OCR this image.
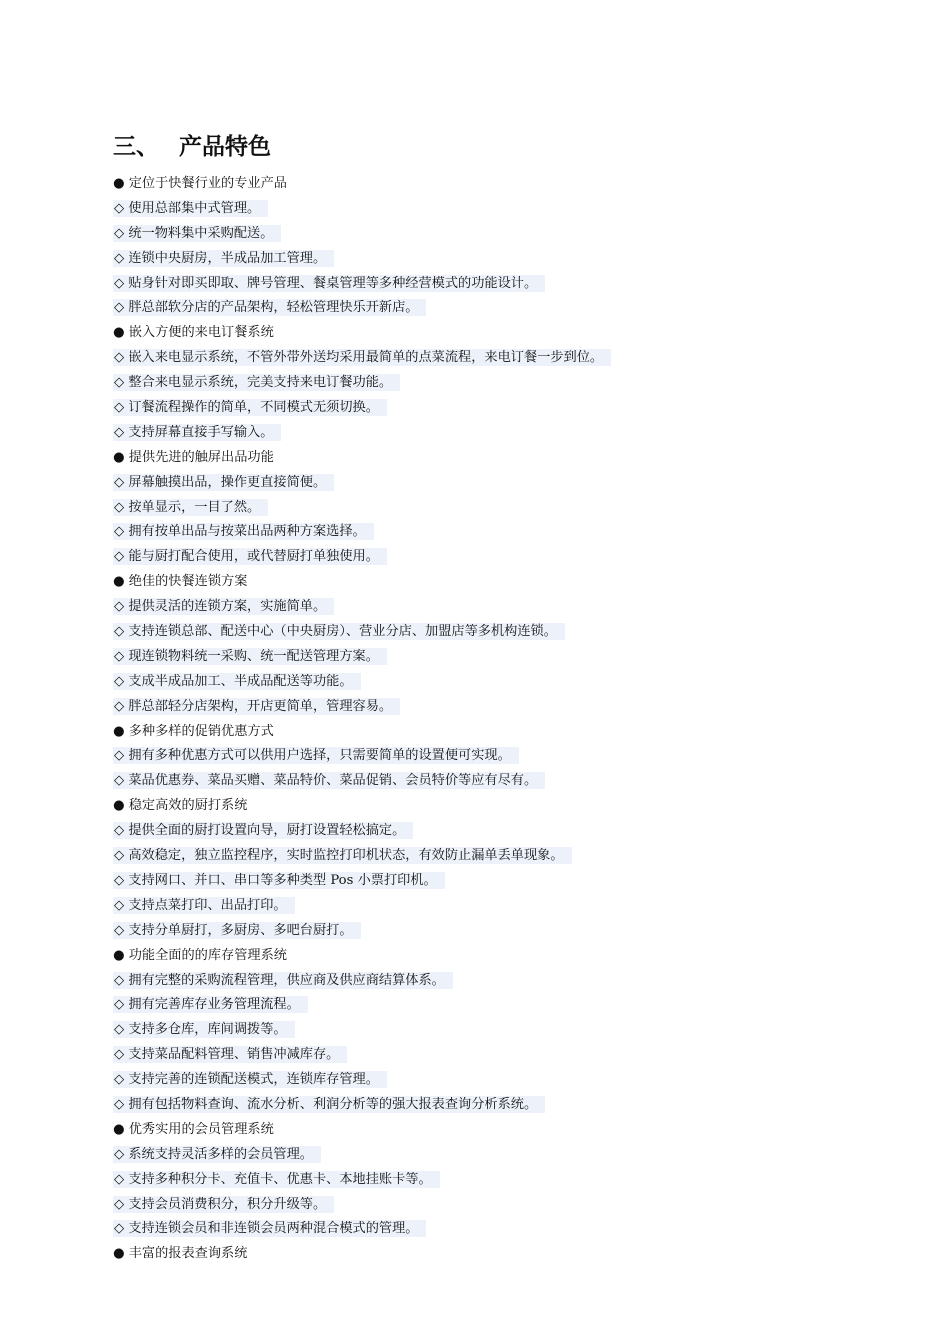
三、 产品特色
● 定位于快餐行业的专业产品
◇ 使用总部集中式管理。
◇ 统一物料集中采购配送。
◇ 连锁中央厨房，半成品加工管理。
◇ 贴身针对即买即取、牌号管理、餐桌管理等多种经营模式的功能设计。
◇ 胖总部软分店的产品架构，轻松管理快乐开新店。
● 嵌入方便的来电订餐系统
◇ 嵌入来电显示系统，不管外带外送均采用最简单的点菜流程，来电订餐一步到位。
◇ 整合来电显示系统，完美支持来电订餐功能。
◇ 订餐流程操作的简单，不同模式无须切换。
◇ 支持屏幕直接手写输入。
● 提供先进的触屏出品功能
◇ 屏幕触摸出品，操作更直接简便。
◇ 按单显示，一目了然。
◇ 拥有按单出品与按菜出品两种方案选择。
◇ 能与厨打配合使用，或代替厨打单独使用。
● 绝佳的快餐连锁方案
◇ 提供灵活的连锁方案，实施简单。
◇ 支持连锁总部、配送中心（中央厨房）、营业分店、加盟店等多机构连锁。
◇ 现连锁物料统一采购、统一配送管理方案。
◇ 支成半成品加工、半成品配送等功能。
◇ 胖总部轻分店架构，开店更简单，管理容易。
● 多种多样的促销优惠方式
◇ 拥有多种优惠方式可以供用户选择，只需要简单的设置便可实现。
◇ 菜品优惠券、菜品买赠、菜品特价、菜品促销、会员特价等应有尽有。
● 稳定高效的厨打系统
◇ 提供全面的厨打设置向导，厨打设置轻松搞定。
◇ 高效稳定，独立监控程序，实时监控打印机状态，有效防止漏单丢单现象。
◇ 支持网口、并口、串口等多种类型 Pos 小票打印机。
◇ 支持点菜打印、出品打印。
◇ 支持分单厨打，多厨房、多吧台厨打。
● 功能全面的的库存管理系统
◇ 拥有完整的采购流程管理，供应商及供应商结算体系。
◇ 拥有完善库存业务管理流程。
◇ 支持多仓库，库间调拨等。
◇ 支持菜品配料管理、销售冲减库存。
◇ 支持完善的连锁配送模式，连锁库存管理。
◇ 拥有包括物料查询、流水分析、利润分析等的强大报表查询分析系统。
● 优秀实用的会员管理系统
◇ 系统支持灵活多样的会员管理。
◇ 支持多种积分卡、充值卡、优惠卡、本地挂账卡等。
◇ 支持会员消费积分，积分升级等。
◇ 支持连锁会员和非连锁会员两种混合模式的管理。
● 丰富的报表查询系统
